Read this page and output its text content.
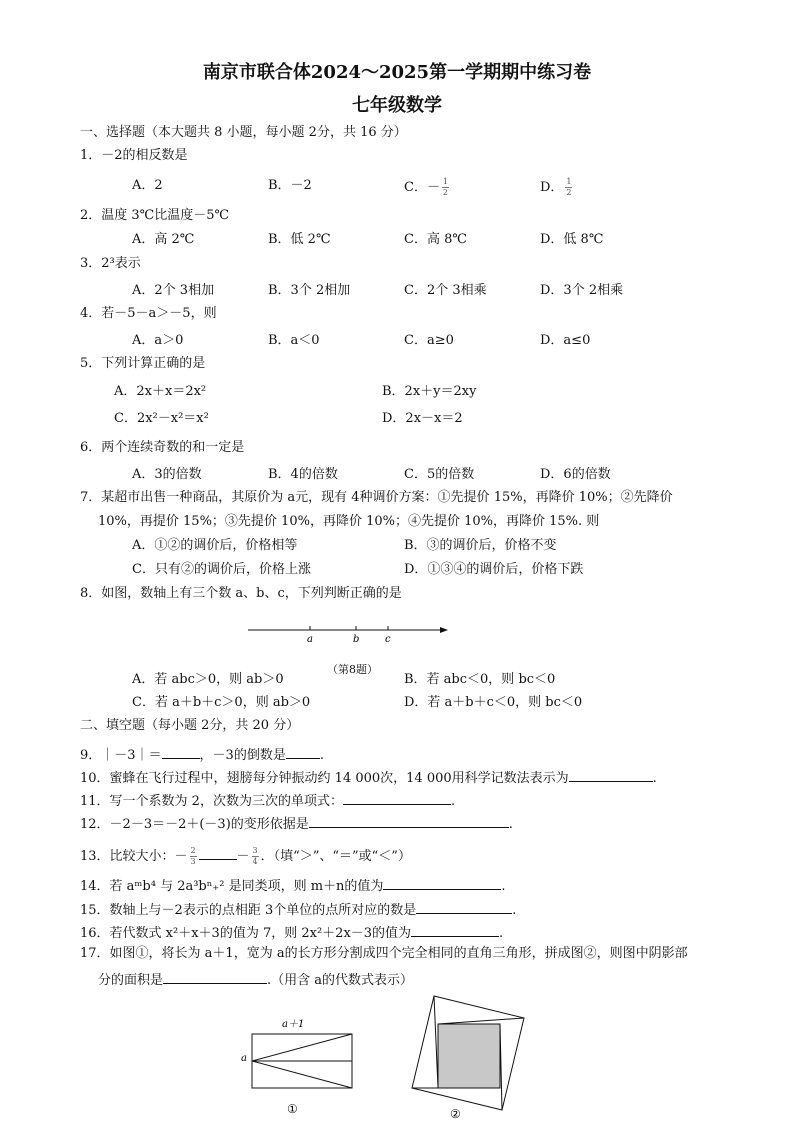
南京市联合体2024～2025第一学期期中练习卷
七年级数学
一、选择题（本大题共 8 小题，每小题 2分，共 16 分）
1．－2的相反数是
A．2	B．－2	C．－ $\frac{1}{2}$	D． $\frac{1}{2}$
2．温度 3℃比温度－5℃
A．高 2℃	B．低 2℃	C．高 8℃	D．低 8℃
3．2³表示
A．2个 3相加	B．3个 2相加	C．2个 3相乘	D．3个 2相乘
4．若－5－a＞－5，则
A．a＞0	B．a＜0	C．a≥0	D．a≤0
5．下列计算正确的是
A．2x＋x＝2x²	B．2x＋y＝2xy
C．2x²－x²＝x²	D．2x－x＝2
6．两个连续奇数的和一定是
A．3的倍数	B．4的倍数	C．5的倍数	D．6的倍数
7．某超市出售一种商品，其原价为 a元，现有 4种调价方案：①先提价 15%，再降价 10%；②先降价
10%，再提价 15%；③先提价 10%，再降价 10%；④先提价 10%，再降价 15%. 则
A．①②的调价后，价格相等	B．③的调价后，价格不变
C．只有②的调价后，价格上涨	D．①③④的调价后，价格下跌
8．如图，数轴上有三个数 a、b、c，下列判断正确的是
a	b	c
（第8题）
A．若 abc＞0，则 ab＞0	B．若 abc＜0，则 bc＜0
C．若 a＋b＋c＞0，则 ab＞0	D．若 a＋b＋c＜0，则 bc＜0
二、填空题（每小题 2分，共 20 分）
9．｜－3｜＝	，－3的倒数是	.
10．蜜蜂在飞行过程中，翅膀每分钟振动约 14 000次，14 000用科学记数法表示为	.
11．写一个系数为 2，次数为三次的单项式：	.
12．－2－3＝－2＋(－3)的变形依据是	.
13．比较大小：－ $\frac{2}{3}$	－ $\frac{3}{4}$ ．（填“＞”、“＝”或“＜”）
14．若 aᵐb⁴ 与 2a³bⁿ₊² 是同类项，则 m＋n的值为	.
15．数轴上与－2表示的点相距 3个单位的点所对应的数是	.
16．若代数式 x²＋x＋3的值为 7，则 2x²＋2x－3的值为	.
17．如图①，将长为 a＋1，宽为 a的长方形分割成四个完全相同的直角三角形，拼成图②，则图中阴影部
分的面积是	.（用含 a的代数式表示）
a＋1
a
①	②
